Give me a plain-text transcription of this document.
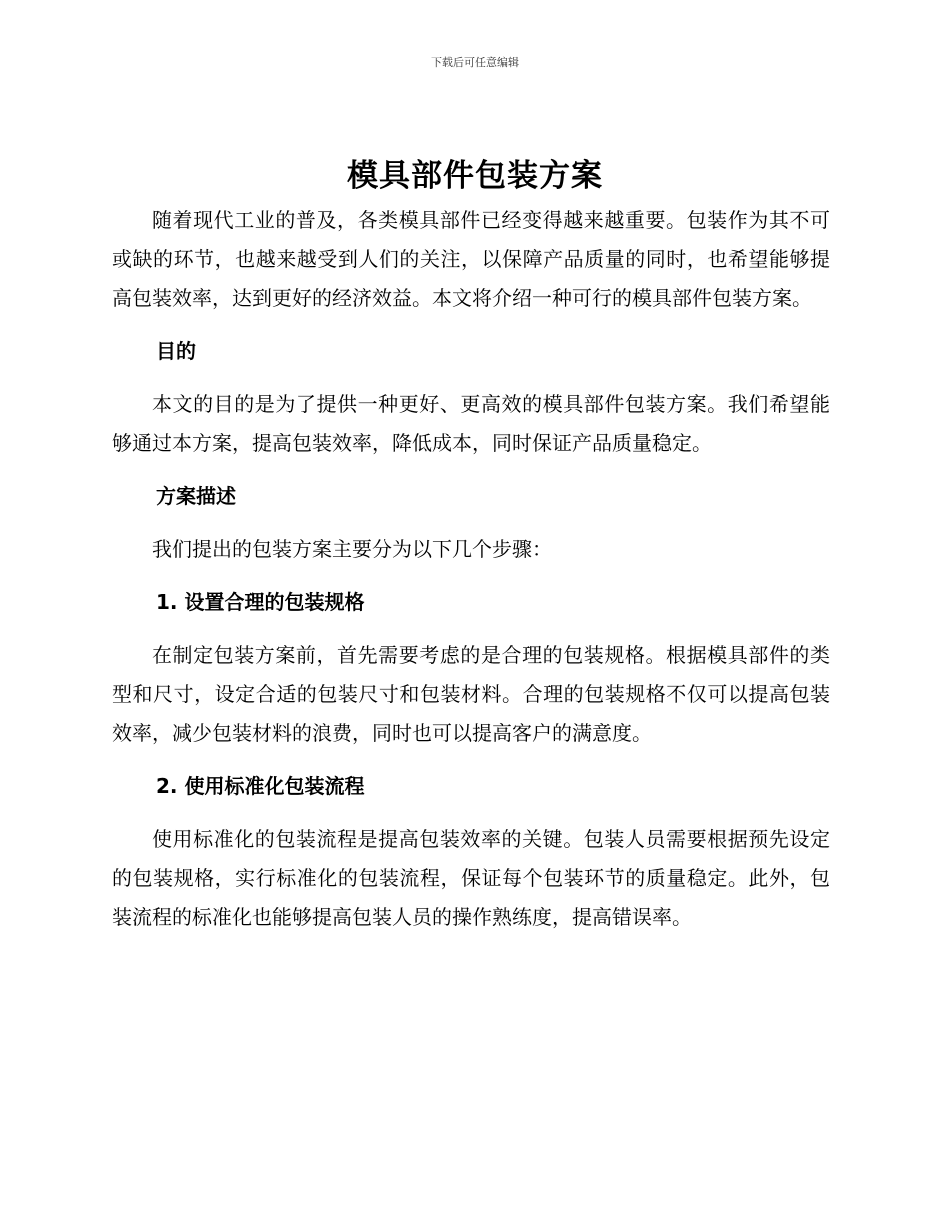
下载后可任意编辑
模具部件包装方案

随着现代工业的普及，各类模具部件已经变得越来越重要。包装作为其不可或缺的环节，也越来越受到人们的关注，以保障产品质量的同时，也希望能够提高包装效率，达到更好的经济效益。本文将介绍一种可行的模具部件包装方案。

目的

本文的目的是为了提供一种更好、更高效的模具部件包装方案。我们希望能够通过本方案，提高包装效率，降低成本，同时保证产品质量稳定。

方案描述

我们提出的包装方案主要分为以下几个步骤：

1. 设置合理的包装规格

在制定包装方案前，首先需要考虑的是合理的包装规格。根据模具部件的类型和尺寸，设定合适的包装尺寸和包装材料。合理的包装规格不仅可以提高包装效率，减少包装材料的浪费，同时也可以提高客户的满意度。

2. 使用标准化包装流程

使用标准化的包装流程是提高包装效率的关键。包装人员需要根据预先设定的包装规格，实行标准化的包装流程，保证每个包装环节的质量稳定。此外，包装流程的标准化也能够提高包装人员的操作熟练度，提高错误率。
